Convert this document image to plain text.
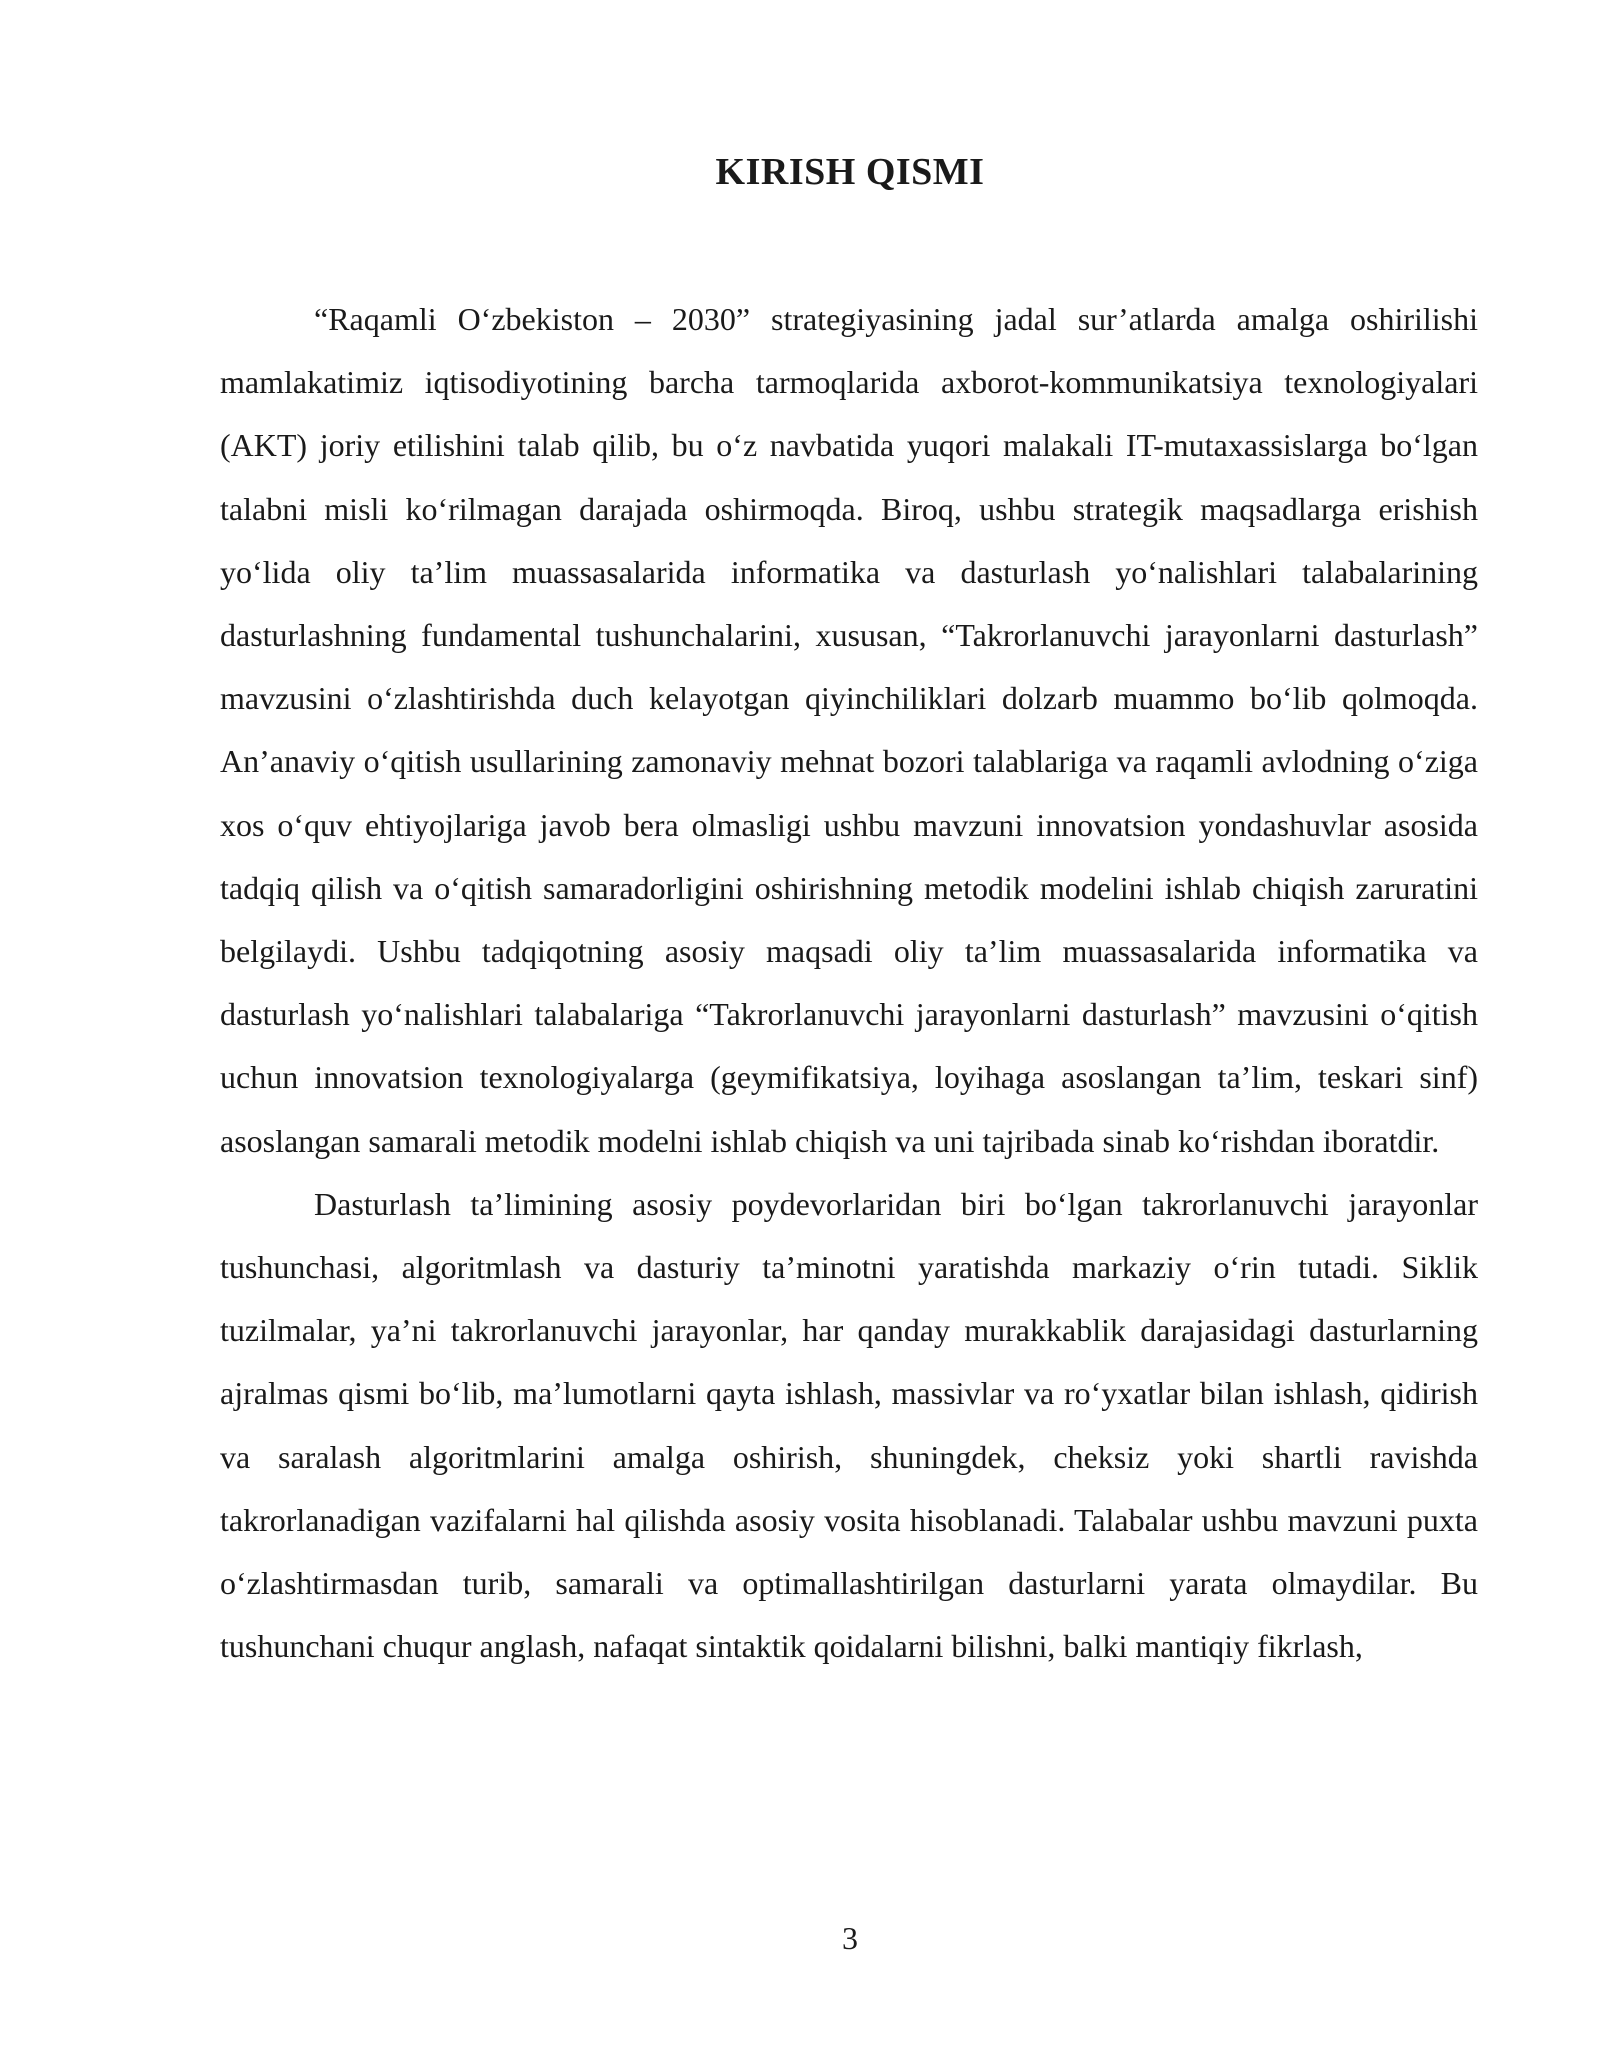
KIRISH QISMI

“Raqamli O‘zbekiston – 2030” strategiyasining jadal sur’atlarda amalga oshirilishi mamlakatimiz iqtisodiyotining barcha tarmoqlarida axborot-kommunikatsiya texnologiyalari (AKT) joriy etilishini talab qilib, bu o‘z navbatida yuqori malakali IT-mutaxassislarga bo‘lgan talabni misli ko‘rilmagan darajada oshirmoqda. Biroq, ushbu strategik maqsadlarga erishish yo‘lida oliy ta’lim muassasalarida informatika va dasturlash yo‘nalishlari talabalarining dasturlashning fundamental tushunchalarini, xususan, “Takrorlanuvchi jarayonlarni dasturlash” mavzusini o‘zlashtirishda duch kelayotgan qiyinchiliklari dolzarb muammo bo‘lib qolmoqda. An’anaviy o‘qitish usullarining zamonaviy mehnat bozori talablariga va raqamli avlodning o‘ziga xos o‘quv ehtiyojlariga javob bera olmasligi ushbu mavzuni innovatsion yondashuvlar asosida tadqiq qilish va o‘qitish samaradorligini oshirishning metodik modelini ishlab chiqish zaruratini belgilaydi. Ushbu tadqiqotning asosiy maqsadi oliy ta’lim muassasalarida informatika va dasturlash yo‘nalishlari talabalariga “Takrorlanuvchi jarayonlarni dasturlash” mavzusini o‘qitish uchun innovatsion texnologiyalarga (geymifikatsiya, loyihaga asoslangan ta’lim, teskari sinf) asoslangan samarali metodik modelni ishlab chiqish va uni tajribada sinab ko‘rishdan iboratdir.

Dasturlash ta’limining asosiy poydevorlaridan biri bo‘lgan takrorlanuvchi jarayonlar tushunchasi, algoritmlash va dasturiy ta’minotni yaratishda markaziy o‘rin tutadi. Siklik tuzilmalar, ya’ni takrorlanuvchi jarayonlar, har qanday murakkablik darajasidagi dasturlarning ajralmas qismi bo‘lib, ma’lumotlarni qayta ishlash, massivlar va ro‘yxatlar bilan ishlash, qidirish va saralash algoritmlarini amalga oshirish, shuningdek, cheksiz yoki shartli ravishda takrorlanadigan vazifalarni hal qilishda asosiy vosita hisoblanadi. Talabalar ushbu mavzuni puxta o‘zlashtirmasdan turib, samarali va optimallashtirilgan dasturlarni yarata olmaydilar. Bu tushunchani chuqur anglash, nafaqat sintaktik qoidalarni bilishni, balki mantiqiy fikrlash,

3
